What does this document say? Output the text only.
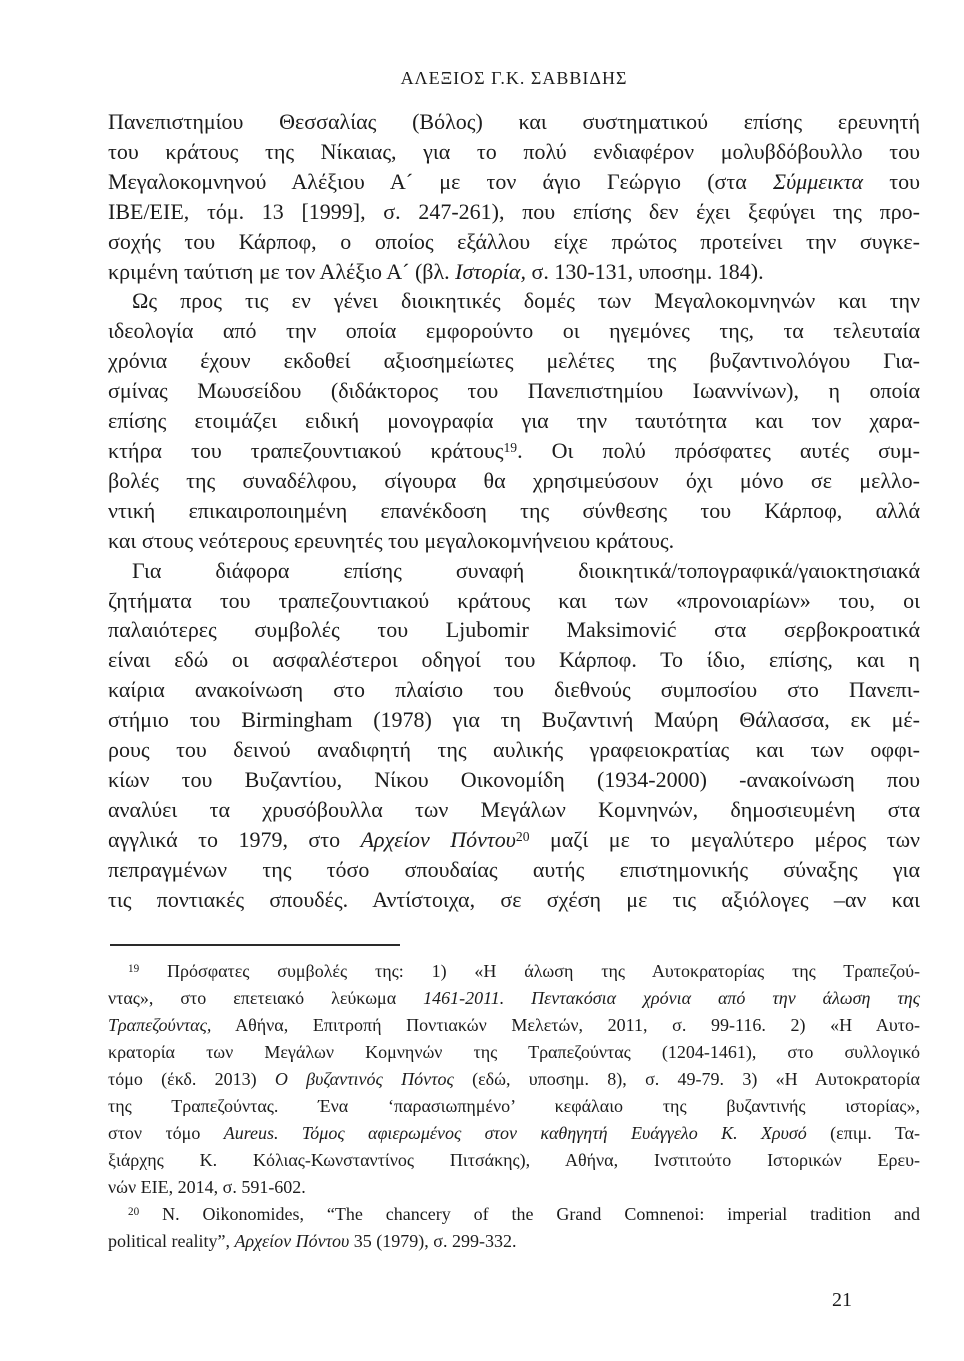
ΑΛΕΞΙΟΣ Γ.Κ. ΣΑΒΒΙΔΗΣ
Πανεπιστημίου Θεσσαλίας (Βόλος) και συστηματικού επίσης ερευνητή
του κράτους της Νίκαιας, για το πολύ ενδιαφέρον μολυβδόβουλλο του
Μεγαλοκομνηνού Αλέξιου Α´ με τον άγιο Γεώργιο (στα Σύμμεικτα του
ΙΒΕ/ΕΙΕ, τόμ. 13 [1999], σ. 247-261), που επίσης δεν έχει ξεφύγει της προ-
σοχής του Κάρποφ, ο οποίος εξάλλου είχε πρώτος προτείνει την συγκε-
κριμένη ταύτιση με τον Αλέξιο Α´ (βλ. Ιστορία, σ. 130-131, υποσημ. 184).
Ως προς τις εν γένει διοικητικές δομές των Μεγαλοκομνηνών και την
ιδεολογία από την οποία εμφορούντο οι ηγεμόνες της, τα τελευταία
χρόνια έχουν εκδοθεί αξιοσημείωτες μελέτες της βυζαντινολόγου Για-
σμίνας Μωυσείδου (διδάκτορος του Πανεπιστημίου Ιωαννίνων), η οποία
επίσης ετοιμάζει ειδική μονογραφία για την ταυτότητα και τον χαρα-
κτήρα του τραπεζουντιακού κράτους$^{19}$. Οι πολύ πρόσφατες αυτές συμ-
βολές της συναδέλφου, σίγουρα θα χρησιμεύσουν όχι μόνο σε μελλο-
ντική επικαιροποιημένη επανέκδοση της σύνθεσης του Κάρποφ, αλλά
και στους νεότερους ερευνητές του μεγαλοκομνήνειου κράτους.
Για διάφορα επίσης συναφή διοικητικά/τοπογραφικά/γαιοκτησιακά
ζητήματα του τραπεζουντιακού κράτους και των «προνοιαρίων» του, οι
παλαιότερες συμβολές του Ljubomir Maksimović στα σερβοκροατικά
είναι εδώ οι ασφαλέστεροι οδηγοί του Κάρποφ. Το ίδιο, επίσης, και η
καίρια ανακοίνωση στο πλαίσιο του διεθνούς συμποσίου στο Πανεπι-
στήμιο του Birmingham (1978) για τη Βυζαντινή Μαύρη Θάλασσα, εκ μέ-
ρους του δεινού αναδιφητή της αυλικής γραφειοκρατίας και των οφφι-
κίων του Βυζαντίου, Νίκου Οικονομίδη (1934-2000) -ανακοίνωση που
αναλύει τα χρυσόβουλλα των Μεγάλων Κομνηνών, δημοσιευμένη στα
αγγλικά το 1979, στο Αρχείον Πόντου$^{20}$ μαζί με το μεγαλύτερο μέρος των
πεπραγμένων της τόσο σπουδαίας αυτής επιστημονικής σύναξης για
τις ποντιακές σπουδές. Αντίστοιχα, σε σχέση με τις αξιόλογες –αν και
$^{19}$ Πρόσφατες συμβολές της: 1) «Η άλωση της Αυτοκρατορίας της Τραπεζού-
ντας», στο επετειακό λεύκωμα 1461-2011. Πεντακόσια χρόνια από την άλωση της
Τραπεζούντας, Αθήνα, Επιτροπή Ποντιακών Μελετών, 2011, σ. 99-116. 2) «Η Αυτο-
κρατορία των Μεγάλων Κομνηνών της Τραπεζούντας (1204-1461), στο συλλογικό
τόμο (έκδ. 2013) Ο βυζαντινός Πόντος (εδώ, υποσημ. 8), σ. 49-79. 3) «Η Αυτοκρατορία
της Τραπεζούντας. Ένα ‘παρασιωπημένο’ κεφάλαιο της βυζαντινής ιστορίας»,
στον τόμο Aureus. Τόμος αφιερωμένος στον καθηγητή Ευάγγελο Κ. Χρυσό (επιμ. Τα-
ξιάρχης Κ. Κόλιας-Κωνσταντίνος Πιτσάκης), Αθήνα, Ινστιτούτο Ιστορικών Ερευ-
νών ΕΙΕ, 2014, σ. 591-602.
$^{20}$ N. Oikonomides, “The chancery of the Grand Comnenoi: imperial tradition and
political reality”, Αρχείον Πόντου 35 (1979), σ. 299-332.
21
